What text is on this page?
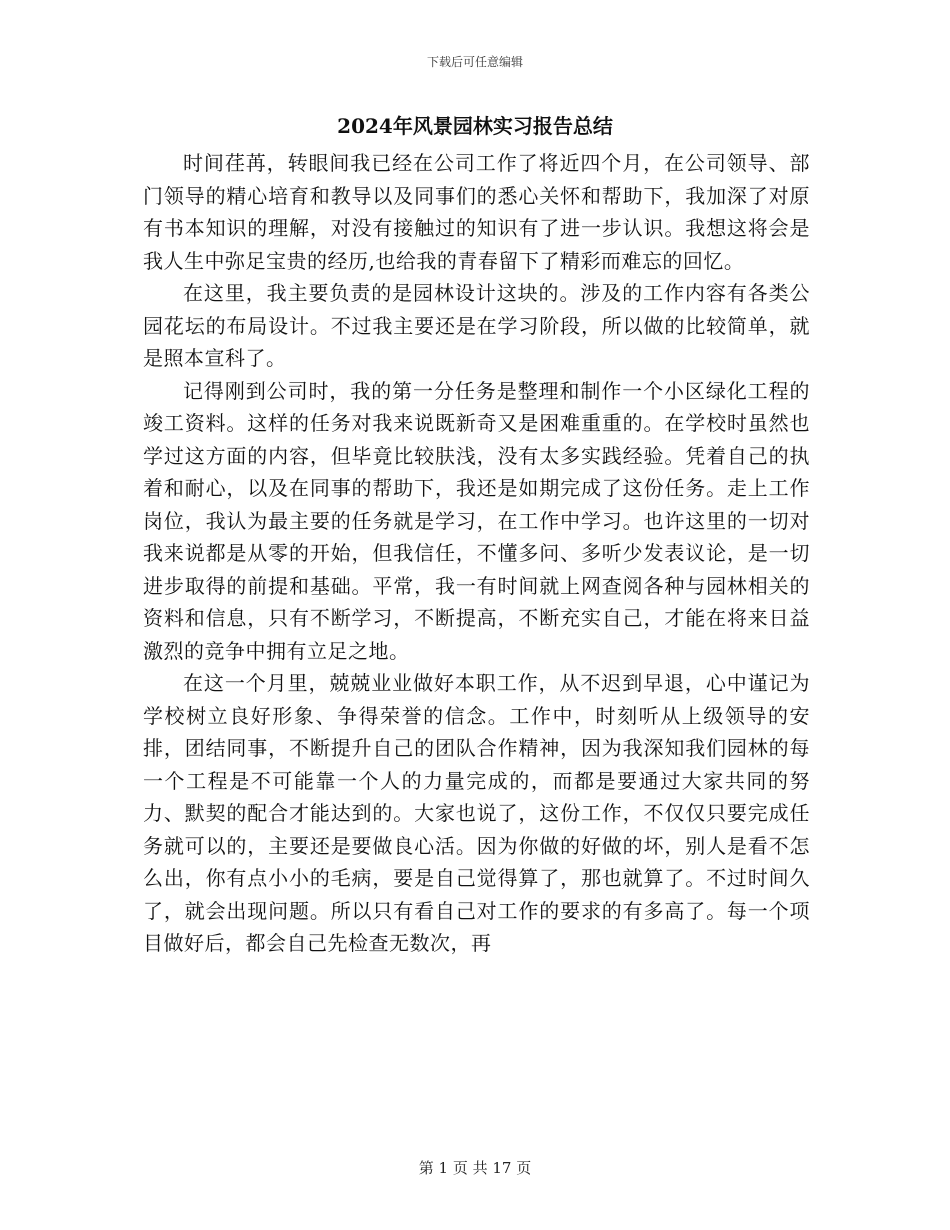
下载后可任意编辑
2024年风景园林实习报告总结

时间荏苒，转眼间我已经在公司工作了将近四个月，在公司领导、部门领导的精心培育和教导以及同事们的悉心关怀和帮助下，我加深了对原有书本知识的理解，对没有接触过的知识有了进一步认识。我想这将会是我人生中弥足宝贵的经历,也给我的青春留下了精彩而难忘的回忆。

在这里，我主要负责的是园林设计这块的。涉及的工作内容有各类公园花坛的布局设计。不过我主要还是在学习阶段，所以做的比较简单，就是照本宣科了。

记得刚到公司时，我的第一分任务是整理和制作一个小区绿化工程的竣工资料。这样的任务对我来说既新奇又是困难重重的。在学校时虽然也学过这方面的内容，但毕竟比较肤浅，没有太多实践经验。凭着自己的执着和耐心，以及在同事的帮助下，我还是如期完成了这份任务。走上工作岗位，我认为最主要的任务就是学习，在工作中学习。也许这里的一切对我来说都是从零的开始，但我信任，不懂多问、多听少发表议论，是一切进步取得的前提和基础。平常，我一有时间就上网查阅各种与园林相关的资料和信息，只有不断学习，不断提高，不断充实自己，才能在将来日益激烈的竞争中拥有立足之地。

在这一个月里，兢兢业业做好本职工作，从不迟到早退，心中谨记为学校树立良好形象、争得荣誉的信念。工作中，时刻听从上级领导的安排，团结同事，不断提升自己的团队合作精神，因为我深知我们园林的每一个工程是不可能靠一个人的力量完成的，而都是要通过大家共同的努力、默契的配合才能达到的。大家也说了，这份工作，不仅仅只要完成任务就可以的，主要还是要做良心活。因为你做的好做的坏，别人是看不怎么出，你有点小小的毛病，要是自己觉得算了，那也就算了。不过时间久了，就会出现问题。所以只有看自己对工作的要求的有多高了。每一个项目做好后，都会自己先检查无数次，再

第 1 页 共 17 页
